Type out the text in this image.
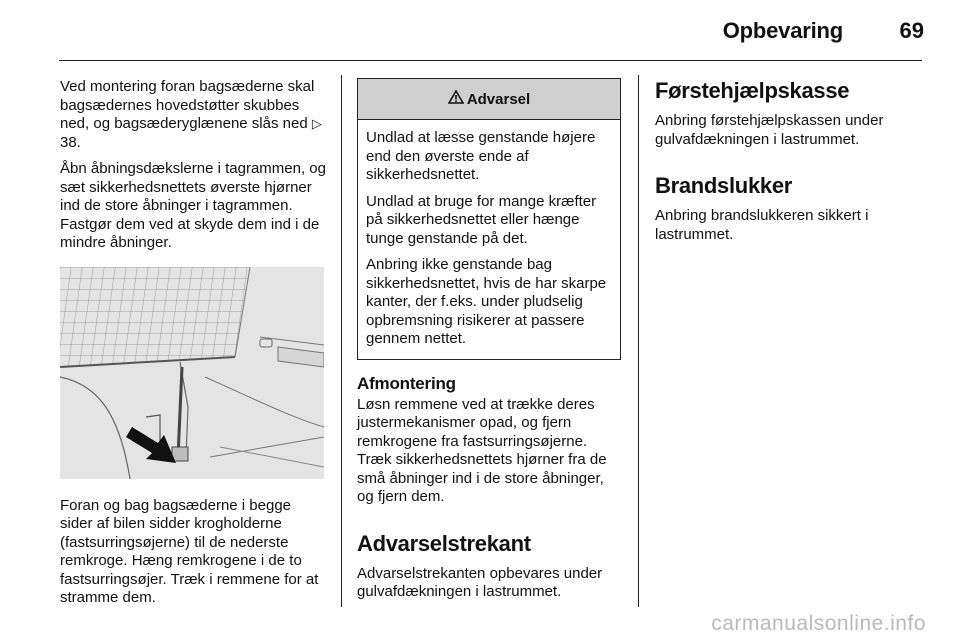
Opbevaring	69

Ved montering foran bagsæderne skal bagsædernes hovedstøtter skubbes ned, og bagsæderyglænene slås ned ▷ 38.

Åbn åbningsdækslerne i tagrammen, og sæt sikkerhedsnettets øverste hjørner ind de store åbninger i tagrammen. Fastgør dem ved at skyde dem ind i de mindre åbninger.

Foran og bag bagsæderne i begge sider af bilen sidder krogholderne (fastsurringsøjerne) til de nederste remkroge. Hæng remkrogene i de to fastsurringsøjer. Træk i remmene for at stramme dem.

Advarsel

Undlad at læsse genstande højere end den øverste ende af sikkerhedsnettet.

Undlad at bruge for mange kræfter på sikkerhedsnettet eller hænge tunge genstande på det.

Anbring ikke genstande bag sikkerhedsnettet, hvis de har skarpe kanter, der f.eks. under pludselig opbremsning risikerer at passere gennem nettet.

Afmontering

Løsn remmene ved at trække deres justermekanismer opad, og fjern remkrogene fra fastsurringsøjerne. Træk sikkerhedsnettets hjørner fra de små åbninger ind i de store åbninger, og fjern dem.

Advarselstrekant

Advarselstrekanten opbevares under gulvafdækningen i lastrummet.

Førstehjælpskasse

Anbring førstehjælpskassen under gulvafdækningen i lastrummet.

Brandslukker

Anbring brandslukkeren sikkert i lastrummet.

carmanualsonline.info
